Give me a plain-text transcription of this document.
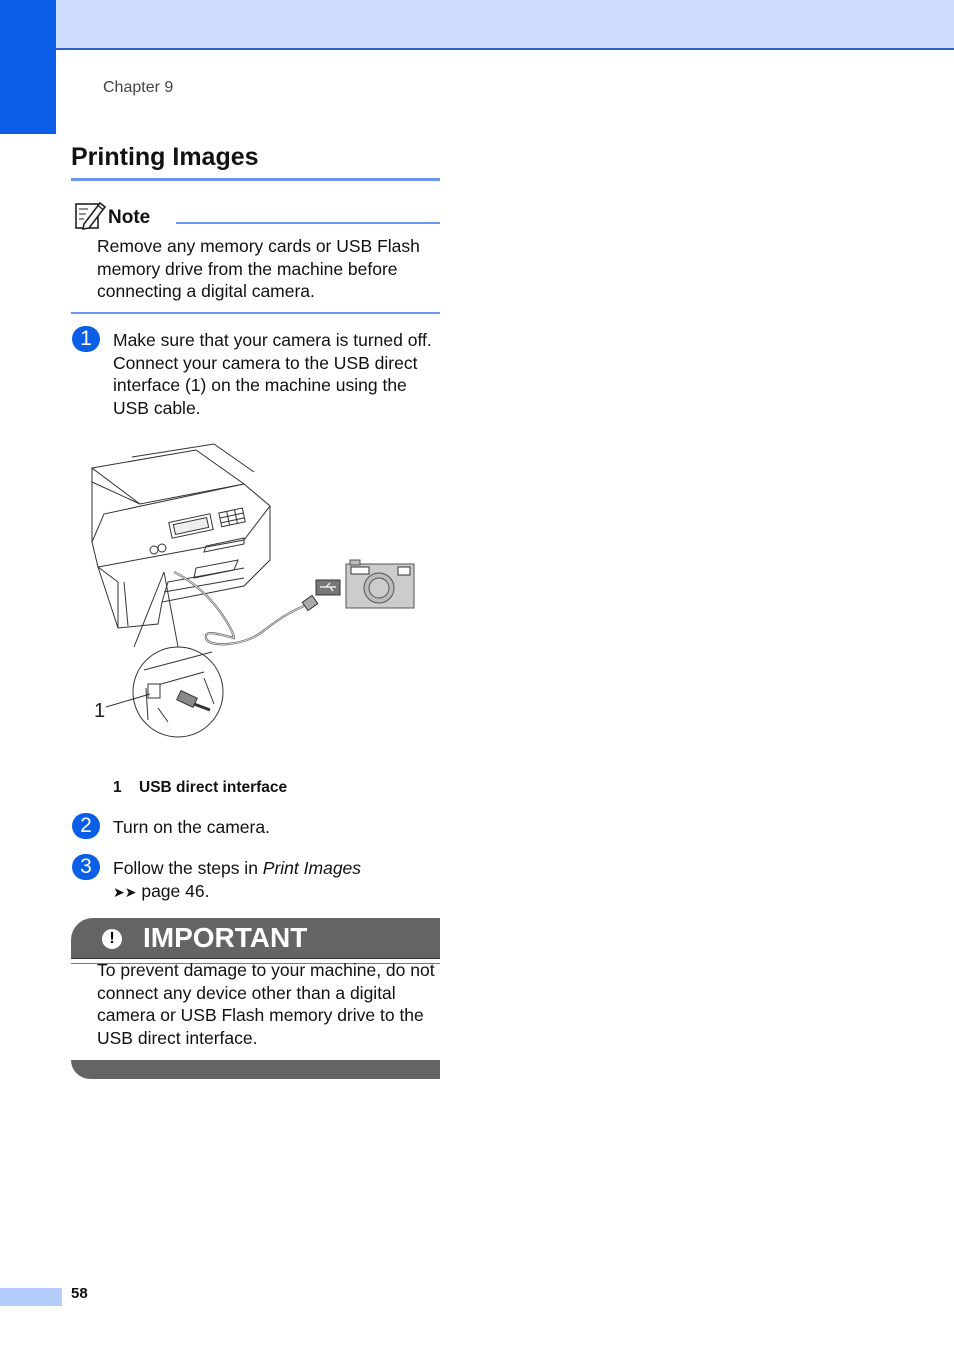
Chapter 9
Printing Images
Note
Remove any memory cards or USB Flash memory drive from the machine before connecting a digital camera.
1	Make sure that your camera is turned off. Connect your camera to the USB direct interface (1) on the machine using the USB cable.
1
1 USB direct interface
2	Turn on the camera.
3	Follow the steps in Print Images
➤➤ page 46.
! IMPORTANT
To prevent damage to your machine, do not connect any device other than a digital camera or USB Flash memory drive to the USB direct interface.
58
